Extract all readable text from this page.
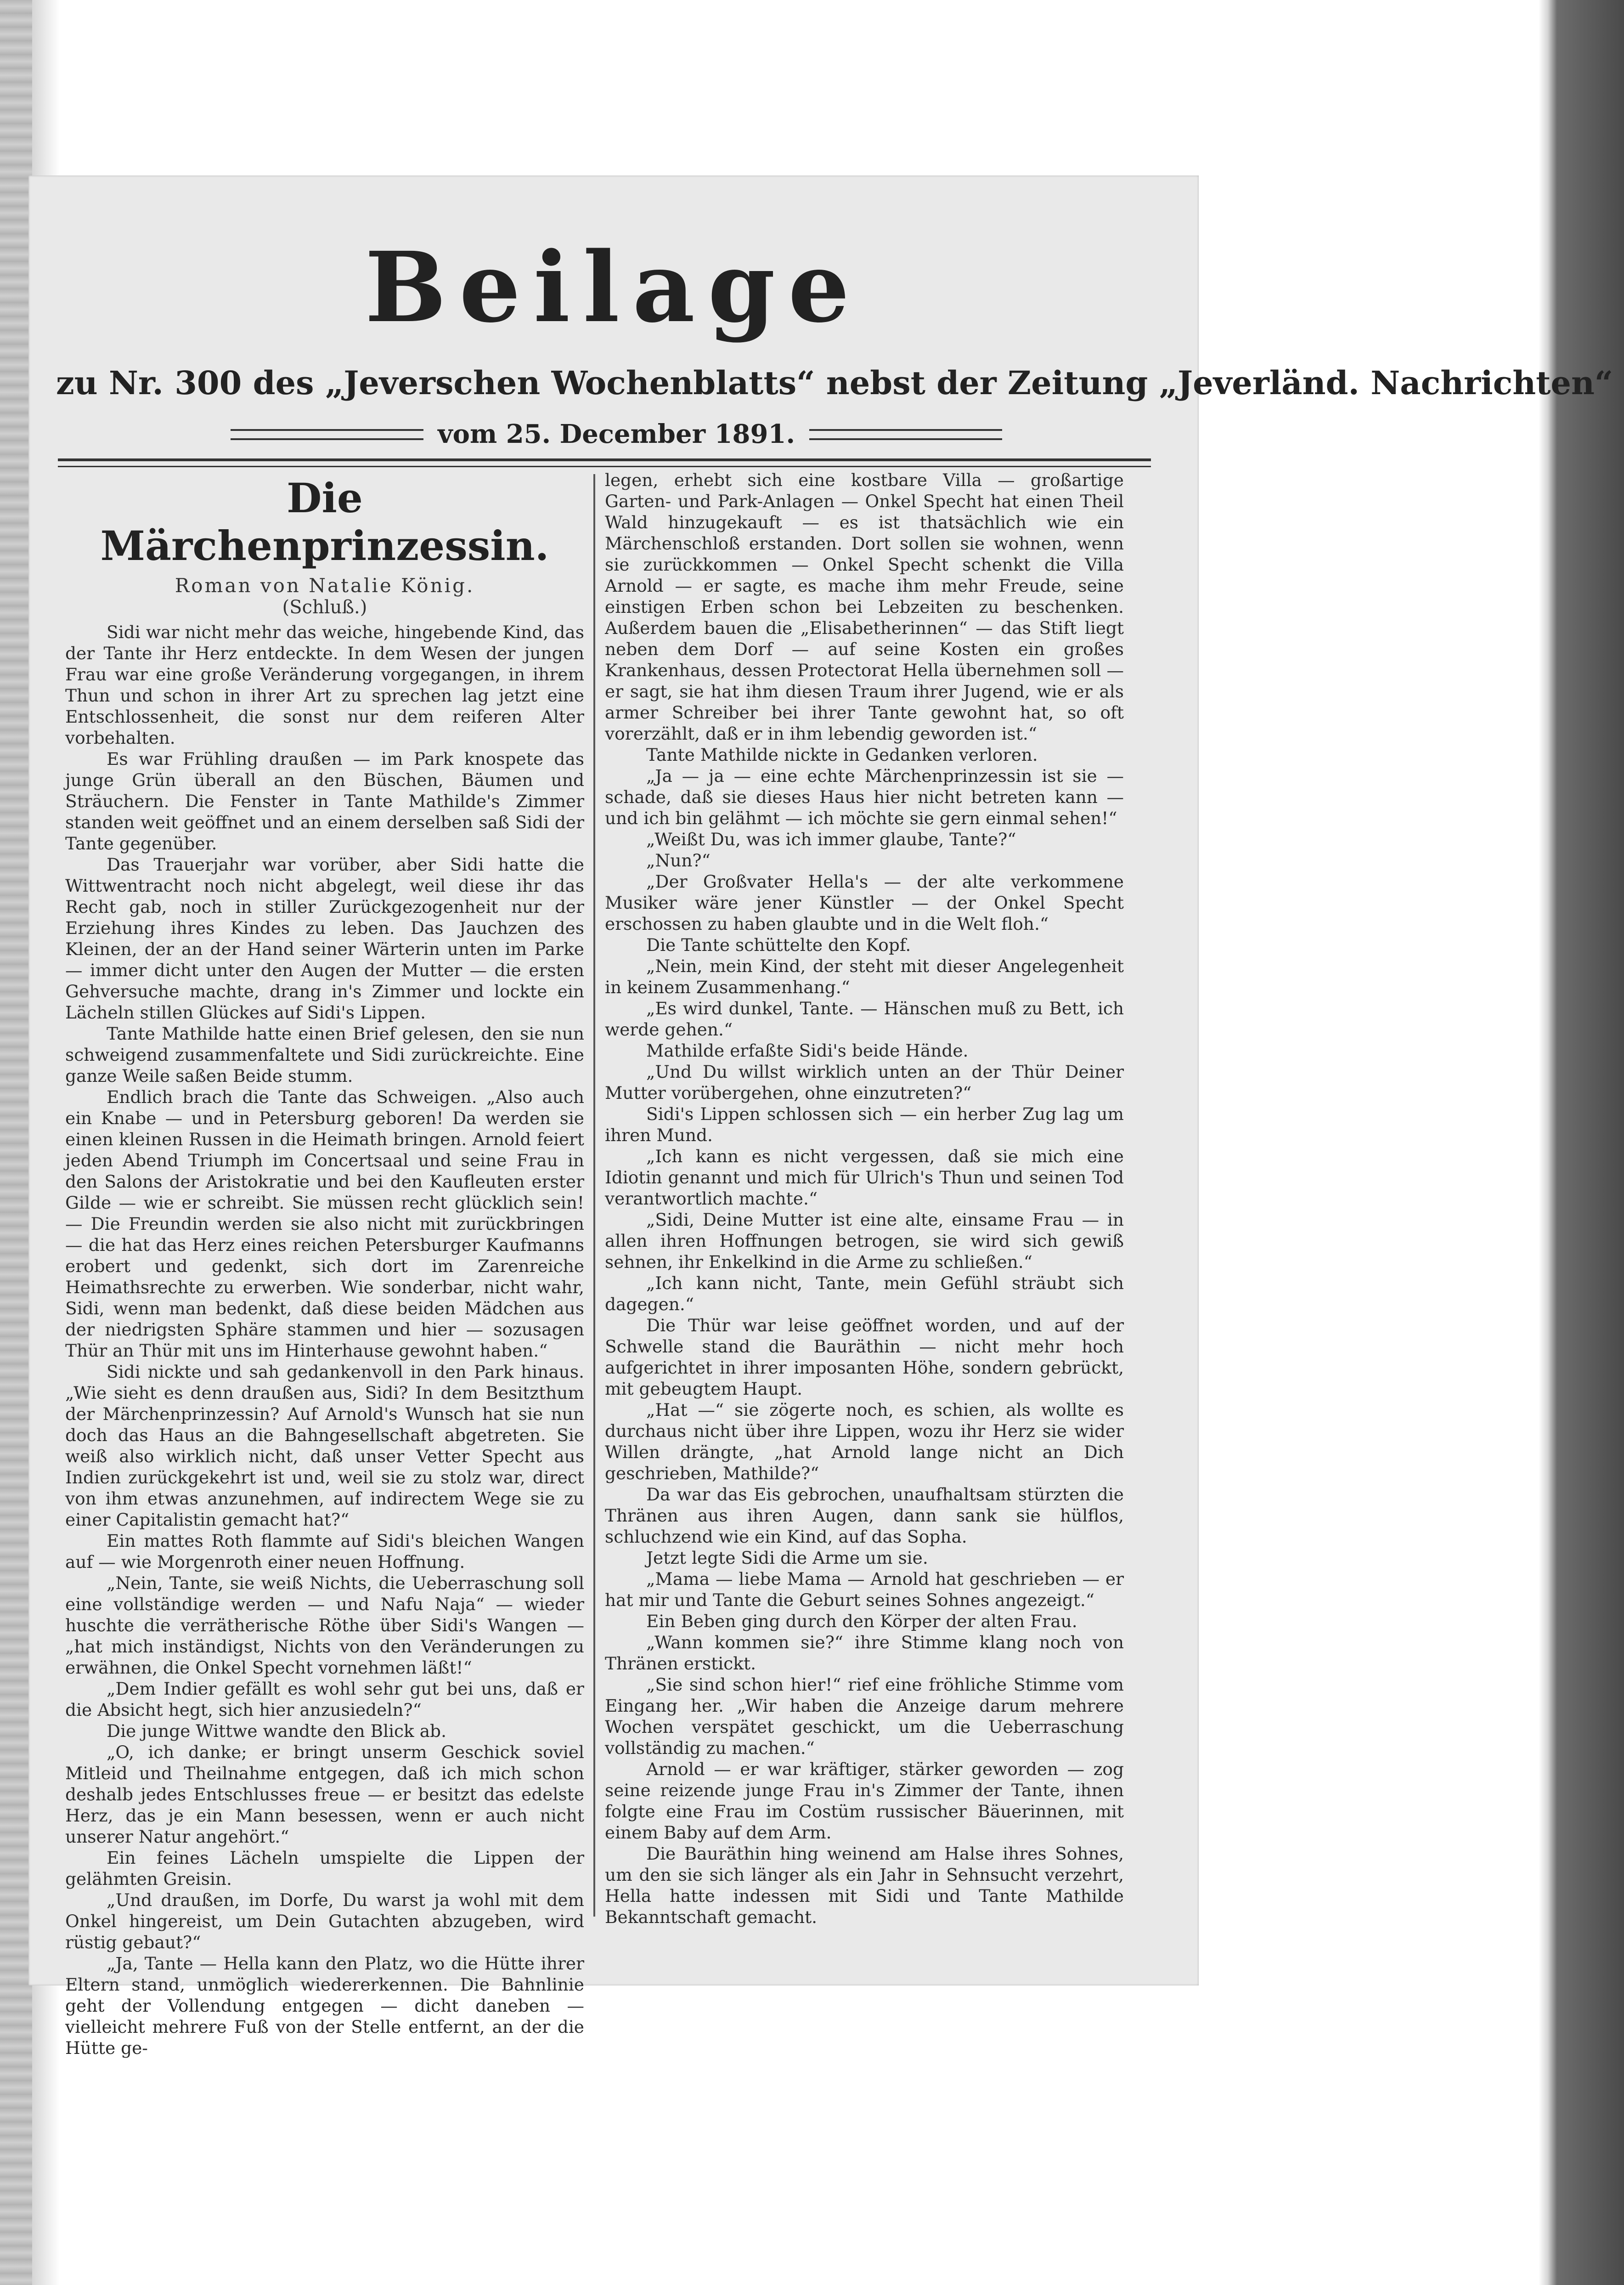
Beilage
zu Nr. 300 des „Jeverschen Wochenblatts“ nebst der Zeitung „Jeverländ. Nachrichten“
vom 25. December 1891.
Die Märchenprinzessin.
Roman von Natalie König.
(Schluß.)

Sidi war nicht mehr das weiche, hingebende Kind, das der Tante ihr Herz entdeckte. In dem Wesen der jungen Frau war eine große Veränderung vorgegangen, in ihrem Thun und schon in ihrer Art zu sprechen lag jetzt eine Entschlossenheit, die sonst nur dem reiferen Alter vorbehalten.

Es war Frühling draußen — im Park knospete das junge Grün überall an den Büschen, Bäumen und Sträuchern. Die Fenster in Tante Mathilde's Zimmer standen weit geöffnet und an einem derselben saß Sidi der Tante gegenüber.

Das Trauerjahr war vorüber, aber Sidi hatte die Wittwentracht noch nicht abgelegt, weil diese ihr das Recht gab, noch in stiller Zurückgezogenheit nur der Erziehung ihres Kindes zu leben. Das Jauchzen des Kleinen, der an der Hand seiner Wärterin unten im Parke — immer dicht unter den Augen der Mutter — die ersten Gehversuche machte, drang in's Zimmer und lockte ein Lächeln stillen Glückes auf Sidi's Lippen.

Tante Mathilde hatte einen Brief gelesen, den sie nun schweigend zusammenfaltete und Sidi zurückreichte. Eine ganze Weile saßen Beide stumm.

Endlich brach die Tante das Schweigen. „Also auch ein Knabe — und in Petersburg geboren! Da werden sie einen kleinen Russen in die Heimath bringen. Arnold feiert jeden Abend Triumph im Concertsaal und seine Frau in den Salons der Aristokratie und bei den Kaufleuten erster Gilde — wie er schreibt. Sie müssen recht glücklich sein! — Die Freundin werden sie also nicht mit zurückbringen — die hat das Herz eines reichen Petersburger Kaufmanns erobert und gedenkt, sich dort im Zarenreiche Heimathsrechte zu erwerben. Wie sonderbar, nicht wahr, Sidi, wenn man bedenkt, daß diese beiden Mädchen aus der niedrigsten Sphäre stammen und hier — sozusagen Thür an Thür mit uns im Hinterhause gewohnt haben.“

Sidi nickte und sah gedankenvoll in den Park hinaus. „Wie sieht es denn draußen aus, Sidi? In dem Besitzthum der Märchenprinzessin? Auf Arnold's Wunsch hat sie nun doch das Haus an die Bahngesellschaft abgetreten. Sie weiß also wirklich nicht, daß unser Vetter Specht aus Indien zurückgekehrt ist und, weil sie zu stolz war, direct von ihm etwas anzunehmen, auf indirectem Wege sie zu einer Capitalistin gemacht hat?“

Ein mattes Roth flammte auf Sidi's bleichen Wangen auf — wie Morgenroth einer neuen Hoffnung.

„Nein, Tante, sie weiß Nichts, die Ueberraschung soll eine vollständige werden — und Nafu Naja“ — wieder huschte die verrätherische Röthe über Sidi's Wangen — „hat mich inständigst, Nichts von den Veränderungen zu erwähnen, die Onkel Specht vornehmen läßt!“

„Dem Indier gefällt es wohl sehr gut bei uns, daß er die Absicht hegt, sich hier anzusiedeln?“

Die junge Wittwe wandte den Blick ab.

„O, ich danke; er bringt unserm Geschick soviel Mitleid und Theilnahme entgegen, daß ich mich schon deshalb jedes Entschlusses freue — er besitzt das edelste Herz, das je ein Mann besessen, wenn er auch nicht unserer Natur angehört.“

Ein feines Lächeln umspielte die Lippen der gelähmten Greisin.

„Und draußen, im Dorfe, Du warst ja wohl mit dem Onkel hingereist, um Dein Gutachten abzugeben, wird rüstig gebaut?“

„Ja, Tante — Hella kann den Platz, wo die Hütte ihrer Eltern stand, unmöglich wiedererkennen. Die Bahnlinie geht der Vollendung entgegen — dicht daneben — vielleicht mehrere Fuß von der Stelle entfernt, an der die Hütte ge-

legen, erhebt sich eine kostbare Villa — großartige Garten- und Park-Anlagen — Onkel Specht hat einen Theil Wald hinzugekauft — es ist thatsächlich wie ein Märchenschloß erstanden. Dort sollen sie wohnen, wenn sie zurückkommen — Onkel Specht schenkt die Villa Arnold — er sagte, es mache ihm mehr Freude, seine einstigen Erben schon bei Lebzeiten zu beschenken. Außerdem bauen die „Elisabetherinnen“ — das Stift liegt neben dem Dorf — auf seine Kosten ein großes Krankenhaus, dessen Protectorat Hella übernehmen soll — er sagt, sie hat ihm diesen Traum ihrer Jugend, wie er als armer Schreiber bei ihrer Tante gewohnt hat, so oft vorerzählt, daß er in ihm lebendig geworden ist.“

Tante Mathilde nickte in Gedanken verloren.

„Ja — ja — eine echte Märchenprinzessin ist sie — schade, daß sie dieses Haus hier nicht betreten kann — und ich bin gelähmt — ich möchte sie gern einmal sehen!“

„Weißt Du, was ich immer glaube, Tante?“

„Nun?“

„Der Großvater Hella's — der alte verkommene Musiker wäre jener Künstler — der Onkel Specht erschossen zu haben glaubte und in die Welt floh.“

Die Tante schüttelte den Kopf.

„Nein, mein Kind, der steht mit dieser Angelegenheit in keinem Zusammenhang.“

„Es wird dunkel, Tante. — Hänschen muß zu Bett, ich werde gehen.“

Mathilde erfaßte Sidi's beide Hände.

„Und Du willst wirklich unten an der Thür Deiner Mutter vorübergehen, ohne einzutreten?“

Sidi's Lippen schlossen sich — ein herber Zug lag um ihren Mund.

„Ich kann es nicht vergessen, daß sie mich eine Idiotin genannt und mich für Ulrich's Thun und seinen Tod verantwortlich machte.“

„Sidi, Deine Mutter ist eine alte, einsame Frau — in allen ihren Hoffnungen betrogen, sie wird sich gewiß sehnen, ihr Enkelkind in die Arme zu schließen.“

„Ich kann nicht, Tante, mein Gefühl sträubt sich dagegen.“

Die Thür war leise geöffnet worden, und auf der Schwelle stand die Bauräthin — nicht mehr hoch aufgerichtet in ihrer imposanten Höhe, sondern gebrückt, mit gebeugtem Haupt.

„Hat —“ sie zögerte noch, es schien, als wollte es durchaus nicht über ihre Lippen, wozu ihr Herz sie wider Willen drängte, „hat Arnold lange nicht an Dich geschrieben, Mathilde?“

Da war das Eis gebrochen, unaufhaltsam stürzten die Thränen aus ihren Augen, dann sank sie hülflos, schluchzend wie ein Kind, auf das Sopha.

Jetzt legte Sidi die Arme um sie.

„Mama — liebe Mama — Arnold hat geschrieben — er hat mir und Tante die Geburt seines Sohnes angezeigt.“

Ein Beben ging durch den Körper der alten Frau.

„Wann kommen sie?“ ihre Stimme klang noch von Thränen erstickt.

„Sie sind schon hier!“ rief eine fröhliche Stimme vom Eingang her. „Wir haben die Anzeige darum mehrere Wochen verspätet geschickt, um die Ueberraschung vollständig zu machen.“

Arnold — er war kräftiger, stärker geworden — zog seine reizende junge Frau in's Zimmer der Tante, ihnen folgte eine Frau im Costüm russischer Bäuerinnen, mit einem Baby auf dem Arm.

Die Bauräthin hing weinend am Halse ihres Sohnes, um den sie sich länger als ein Jahr in Sehnsucht verzehrt, Hella hatte indessen mit Sidi und Tante Mathilde Bekanntschaft gemacht.
